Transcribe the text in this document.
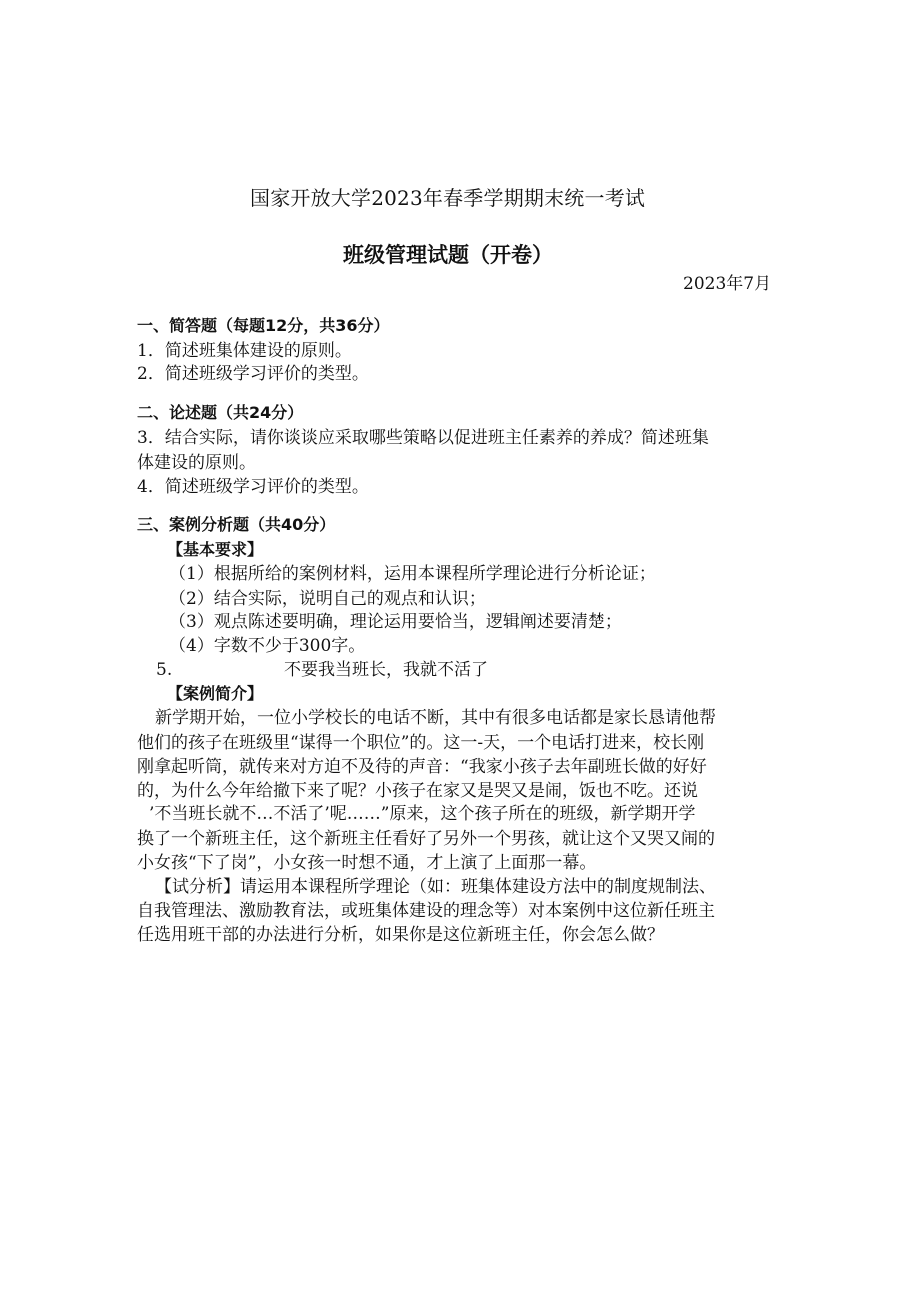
国家开放大学2023年春季学期期末统一考试
班级管理试题（开卷）
2023年7月
一、简答题（每题12分，共36分）
1．简述班集体建设的原则。
2．简述班级学习评价的类型。
二、论述题（共24分）
3．结合实际，请你谈谈应采取哪些策略以促进班主任素养的养成？简述班集
体建设的原则。
4．简述班级学习评价的类型。
三、案例分析题（共40分）
【基本要求】
（1）根据所给的案例材料，运用本课程所学理论进行分析论证；
（2）结合实际，说明自己的观点和认识；
（3）观点陈述要明确，理论运用要恰当，逻辑阐述要清楚；
（4）字数不少于300字。
5.	不要我当班长，我就不活了
【案例简介】
新学期开始，一位小学校长的电话不断，其中有很多电话都是家长恳请他帮
他们的孩子在班级里“谋得一个职位”的。这一-天，一个电话打进来，校长刚
刚拿起听筒，就传来对方迫不及待的声音：“我家小孩子去年副班长做的好好
的，为什么今年给撤下来了呢？小孩子在家又是哭又是闹，饭也不吃。还说
’不当班长就不…不活了’呢……”原来，这个孩子所在的班级，新学期开学
换了一个新班主任，这个新班主任看好了另外一个男孩，就让这个又哭又闹的
小女孩“下了岗”，小女孩一时想不通，才上演了上面那一幕。
【试分析】请运用本课程所学理论（如：班集体建设方法中的制度规制法、
自我管理法、激励教育法，或班集体建设的理念等）对本案例中这位新任班主
任选用班干部的办法进行分析，如果你是这位新班主任，你会怎么做？
